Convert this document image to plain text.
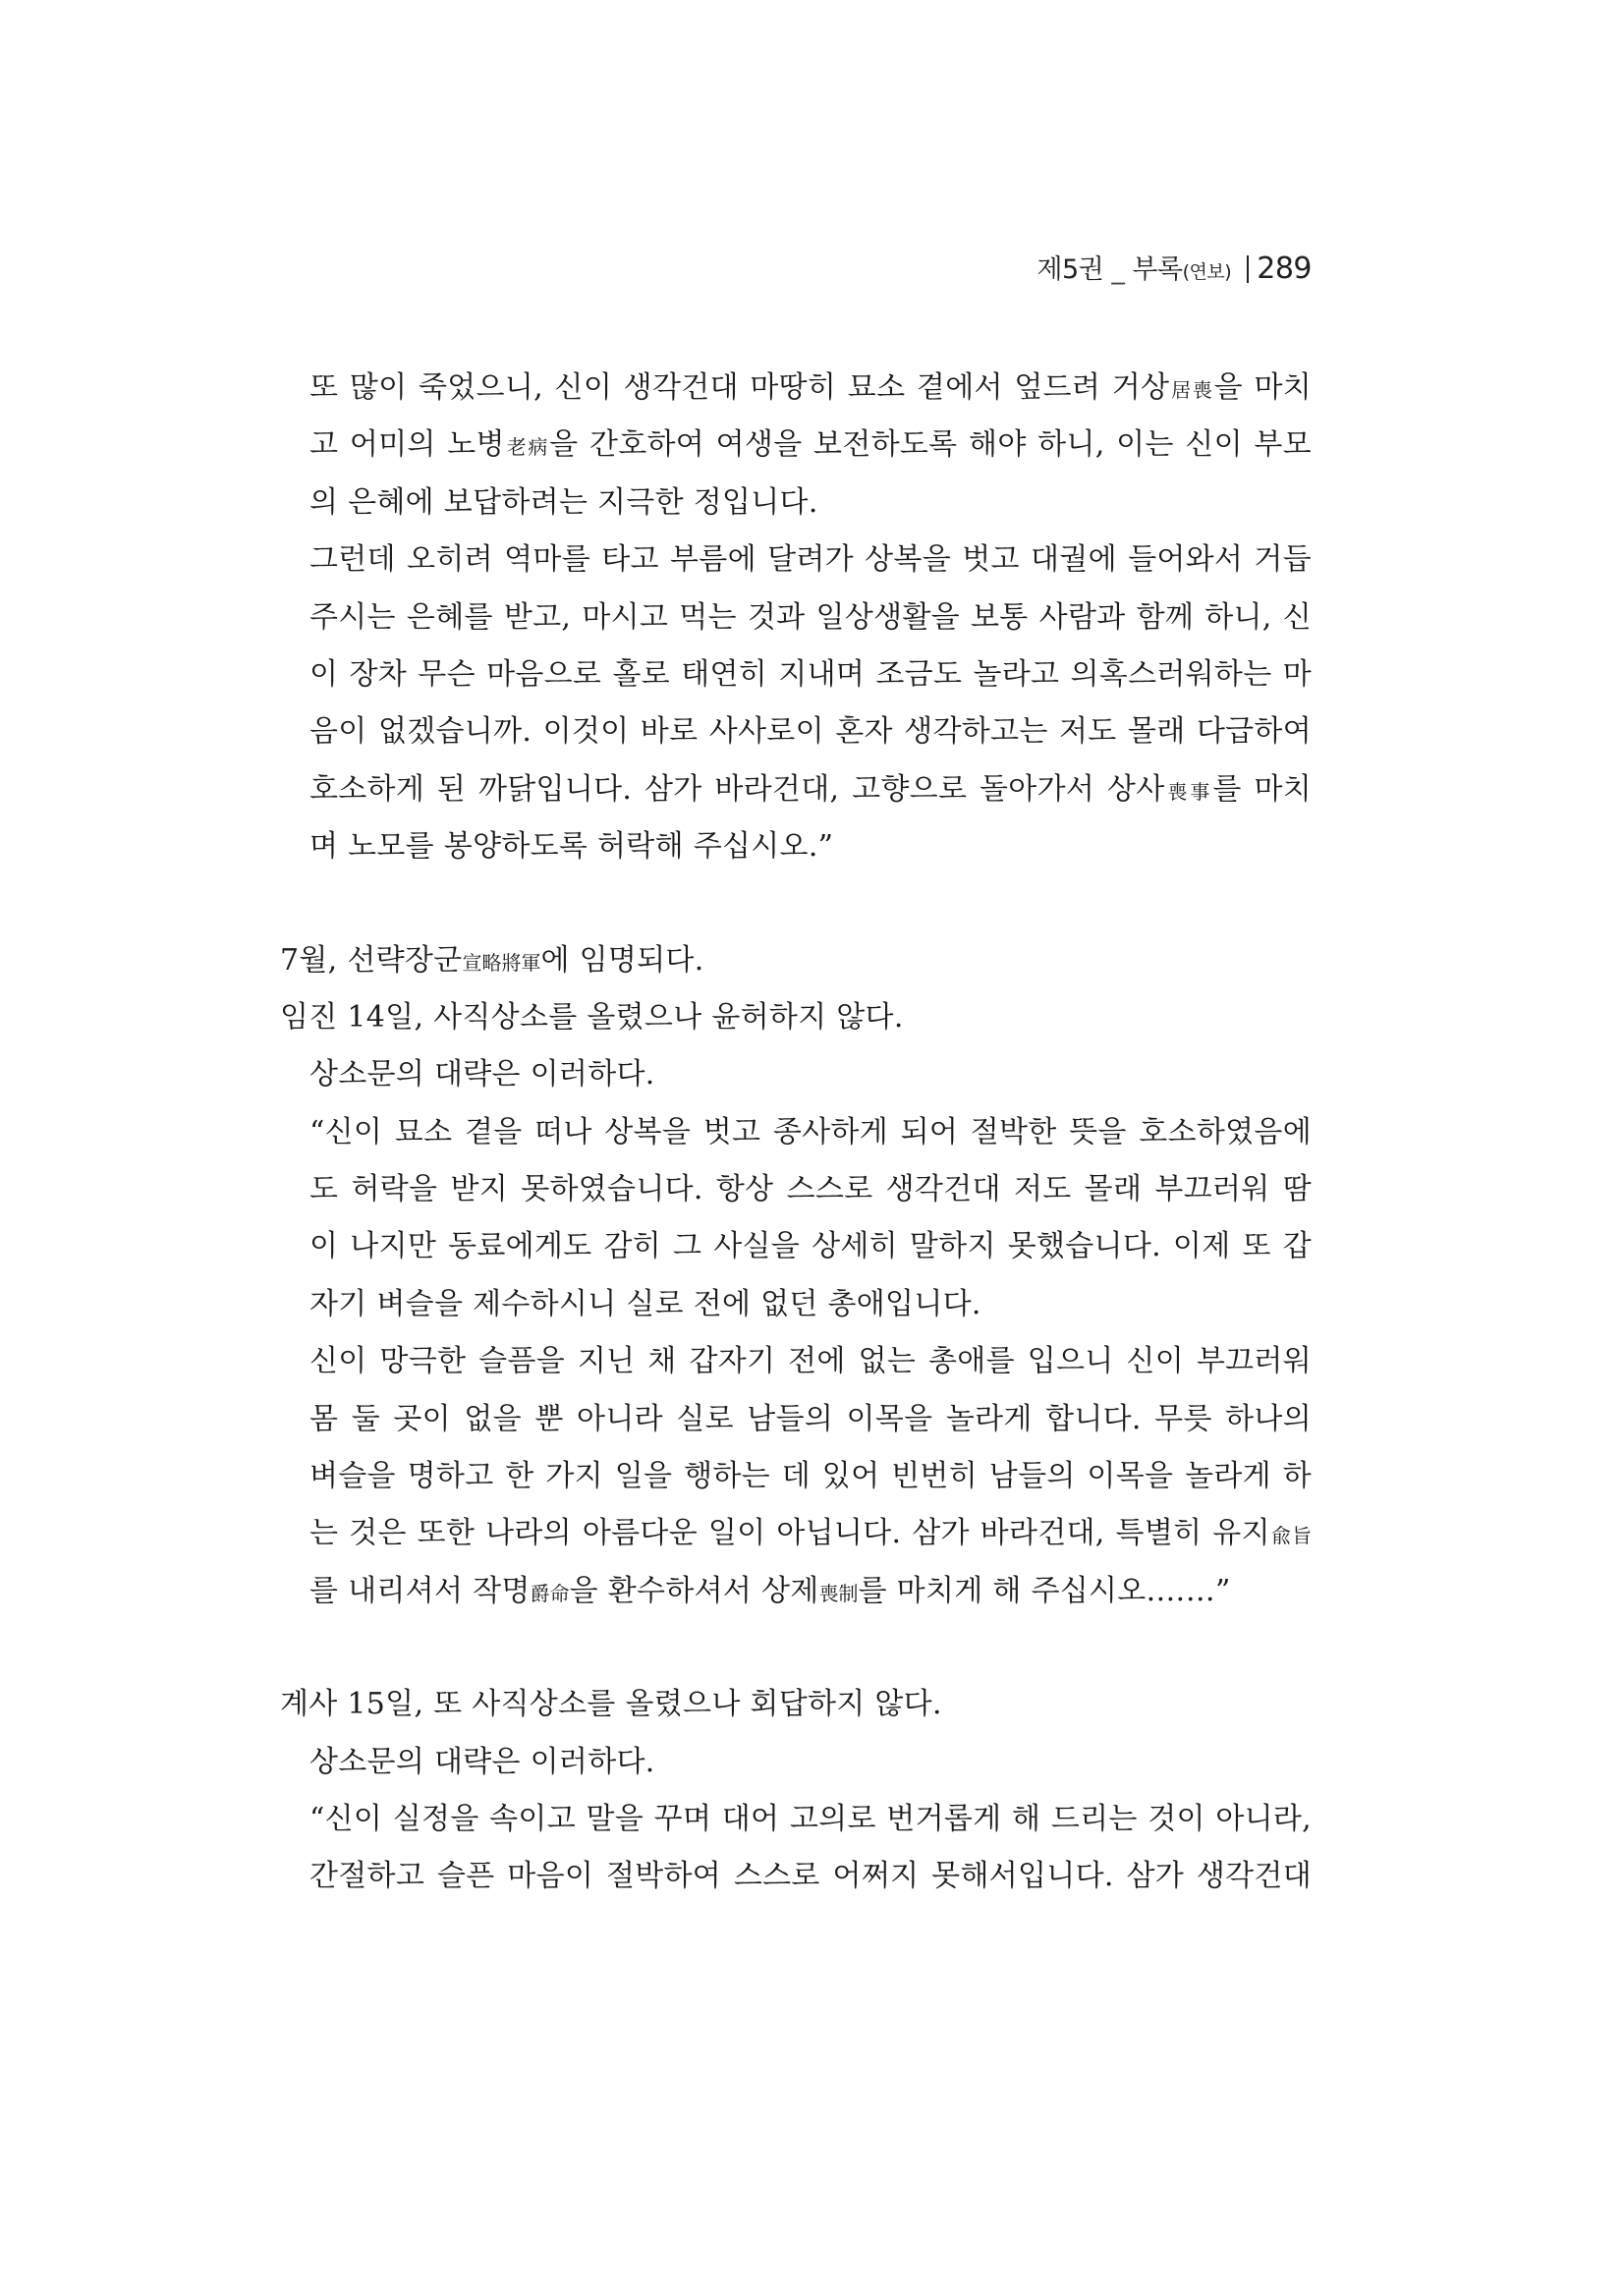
제5권 _ 부록(연보) 289
또 많이 죽었으니, 신이 생각건대 마땅히 묘소 곁에서 엎드려 거상居喪을 마치
고 어미의 노병老病을 간호하여 여생을 보전하도록 해야 하니, 이는 신이 부모
의 은혜에 보답하려는 지극한 정입니다.
그런데 오히려 역마를 타고 부름에 달려가 상복을 벗고 대궐에 들어와서 거듭
주시는 은혜를 받고, 마시고 먹는 것과 일상생활을 보통 사람과 함께 하니, 신
이 장차 무슨 마음으로 홀로 태연히 지내며 조금도 놀라고 의혹스러워하는 마
음이 없겠습니까. 이것이 바로 사사로이 혼자 생각하고는 저도 몰래 다급하여
호소하게 된 까닭입니다. 삼가 바라건대, 고향으로 돌아가서 상사喪事를 마치
며 노모를 봉양하도록 허락해 주십시오.”
7월, 선략장군宣略將軍에 임명되다.
임진 14일, 사직상소를 올렸으나 윤허하지 않다.
상소문의 대략은 이러하다.
“신이 묘소 곁을 떠나 상복을 벗고 종사하게 되어 절박한 뜻을 호소하였음에
도 허락을 받지 못하였습니다. 항상 스스로 생각건대 저도 몰래 부끄러워 땀
이 나지만 동료에게도 감히 그 사실을 상세히 말하지 못했습니다. 이제 또 갑
자기 벼슬을 제수하시니 실로 전에 없던 총애입니다.
신이 망극한 슬픔을 지닌 채 갑자기 전에 없는 총애를 입으니 신이 부끄러워
몸 둘 곳이 없을 뿐 아니라 실로 남들의 이목을 놀라게 합니다. 무릇 하나의
벼슬을 명하고 한 가지 일을 행하는 데 있어 빈번히 남들의 이목을 놀라게 하
는 것은 또한 나라의 아름다운 일이 아닙니다. 삼가 바라건대, 특별히 유지兪旨
를 내리셔서 작명爵命을 환수하셔서 상제喪制를 마치게 해 주십시오.……”
계사 15일, 또 사직상소를 올렸으나 회답하지 않다.
상소문의 대략은 이러하다.
“신이 실정을 속이고 말을 꾸며 대어 고의로 번거롭게 해 드리는 것이 아니라,
간절하고 슬픈 마음이 절박하여 스스로 어쩌지 못해서입니다. 삼가 생각건대
